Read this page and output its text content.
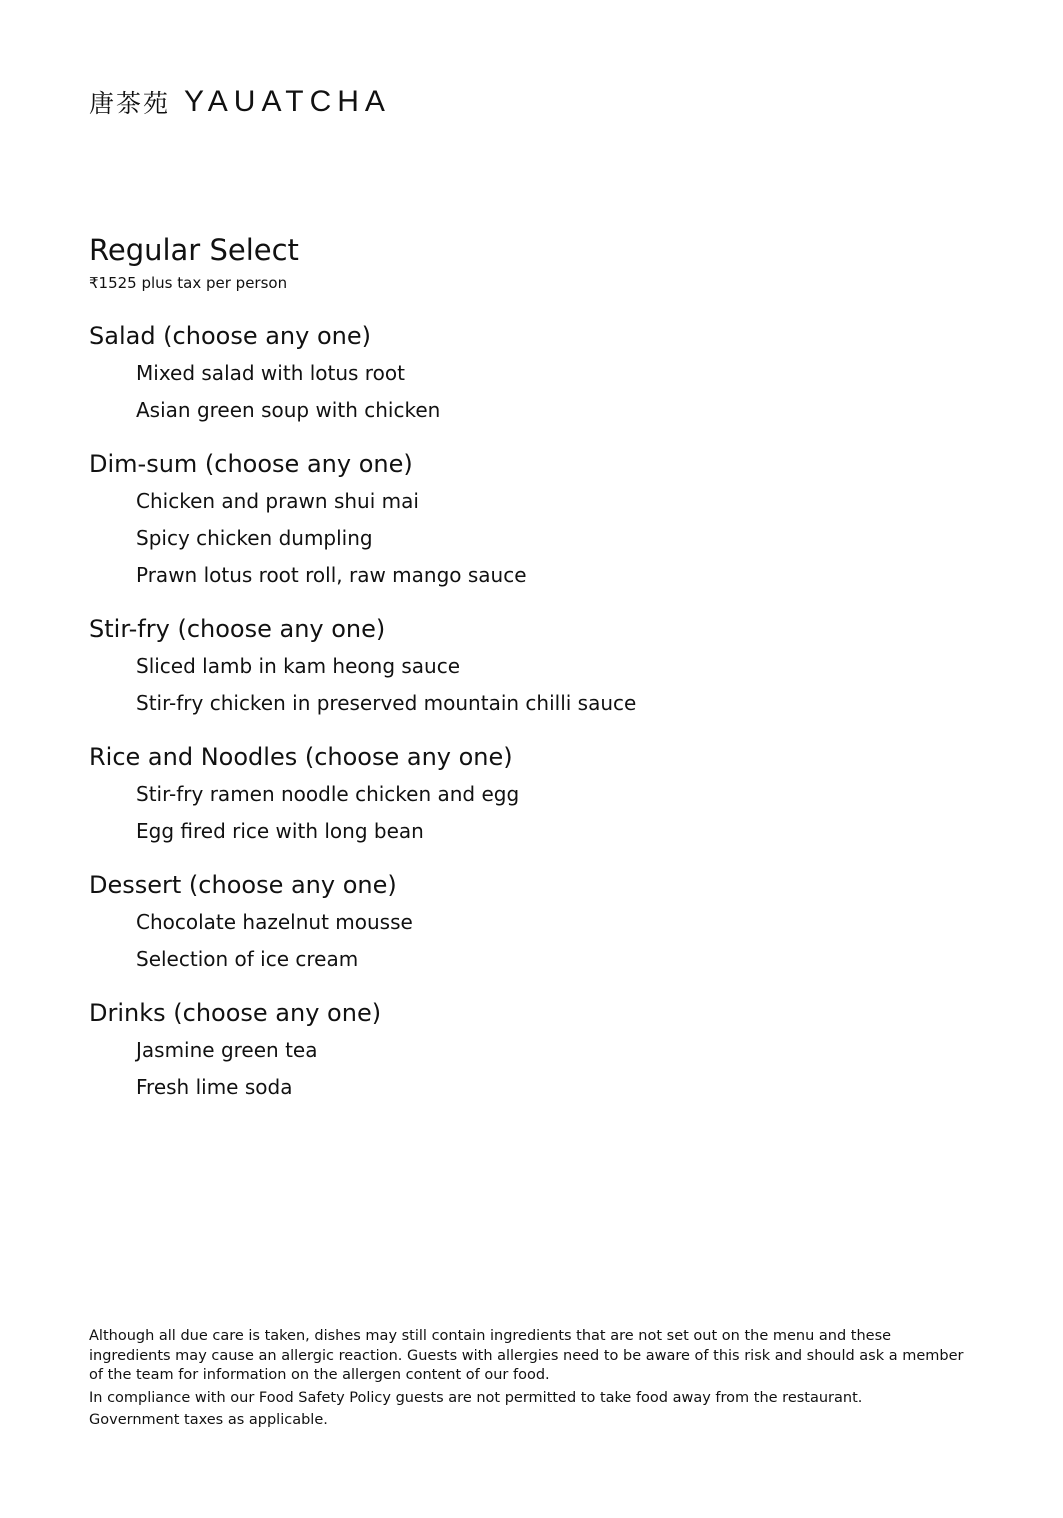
唐茶苑 YAUATCHA
Regular Select
₹1525 plus tax per person
Salad (choose any one)
Mixed salad with lotus root
Asian green soup with chicken
Dim-sum (choose any one)
Chicken and prawn shui mai
Spicy chicken dumpling
Prawn lotus root roll, raw mango sauce
Stir-fry (choose any one)
Sliced lamb in kam heong sauce
Stir-fry chicken in preserved mountain chilli sauce
Rice and Noodles (choose any one)
Stir-fry ramen noodle chicken and egg
Egg fired rice with long bean
Dessert (choose any one)
Chocolate hazelnut mousse
Selection of ice cream
Drinks (choose any one)
Jasmine green tea
Fresh lime soda

Although all due care is taken, dishes may still contain ingredients that are not set out on the menu and these ingredients may cause an allergic reaction. Guests with allergies need to be aware of this risk and should ask a member of the team for information on the allergen content of our food.

In compliance with our Food Safety Policy guests are not permitted to take food away from the restaurant.

Government taxes as applicable.
